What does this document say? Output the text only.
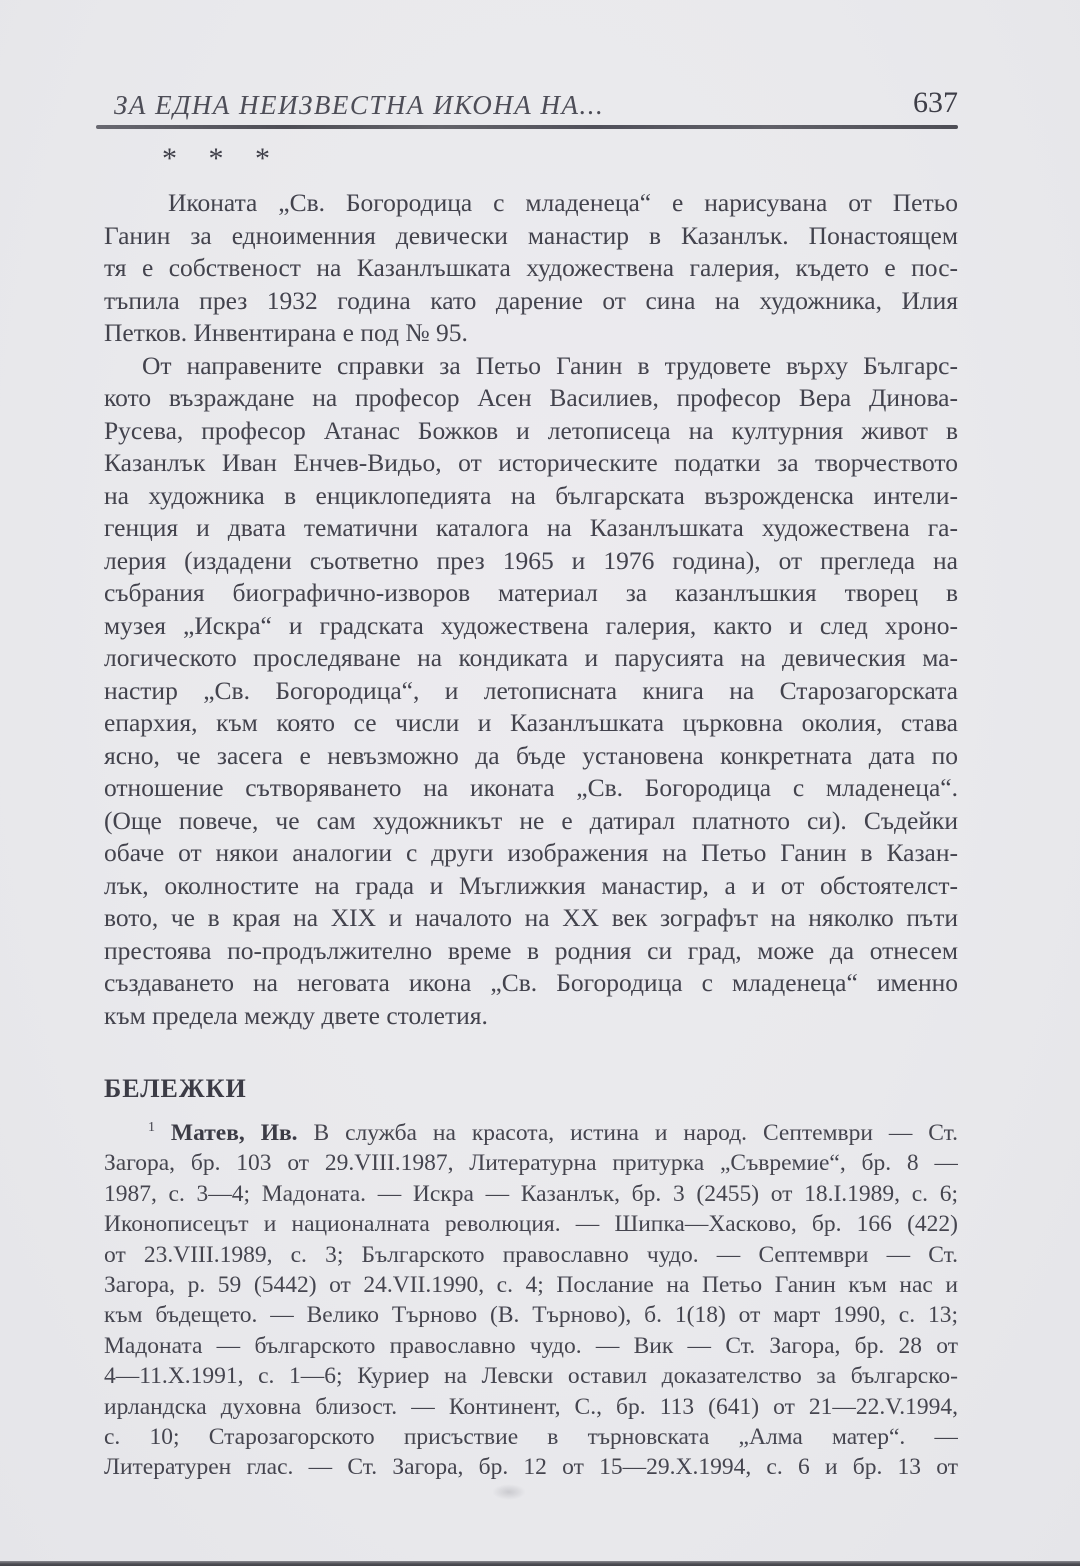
ЗА ЕДНА НЕИЗВЕСТНА ИКОНА НА...	637
* * *
Иконата „Св. Богородица с младенеца“ е нарисувана от Петьо
Ганин за едноименния девически манастир в Казанлък. Понастоящем
тя е собственост на Казанлъшката художествена галерия, където е пос-
тъпила през 1932 година като дарение от сина на художника, Илия
Петков. Инвентирана е под № 95.
От направените справки за Петьо Ганин в трудовете върху Българс-
кото възраждане на професор Асен Василиев, професор Вера Динова-
Русева, професор Атанас Божков и летописеца на културния живот в
Казанлък Иван Енчев-Видьо, от историческите податки за творчеството
на художника в енциклопедията на българската възрожденска интели-
генция и двата тематични каталога на Казанлъшката художествена га-
лерия (издадени съответно през 1965 и 1976 година), от прегледа на
събрания биографично-изворов материал за казанлъшкия творец в
музея „Искра“ и градската художествена галерия, както и след хроно-
логическото проследяване на кондиката и парусията на девическия ма-
настир „Св. Богородица“, и летописната книга на Старозагорската
епархия, към която се числи и Казанлъшката църковна околия, става
ясно, че засега е невъзможно да бъде установена конкретната дата по
отношение сътворяването на иконата „Св. Богородица с младенеца“.
(Още повече, че сам художникът не е датирал платното си). Съдейки
обаче от някои аналогии с други изображения на Петьо Ганин в Казан-
лък, околностите на града и Мъглижкия манастир, а и от обстоятелст-
вото, че в края на XIX и началото на XX век зографът на няколко пъти
престоява по-продължително време в родния си град, може да отнесем
създаването на неговата икона „Св. Богородица с младенеца“ именно
към предела между двете столетия.
БЕЛЕЖКИ
$^1$ Матев, Ив. В служба на красота, истина и народ. Септември — Ст.
Загора, бр. 103 от 29.VIII.1987, Литературна притурка „Съвремие“, бр. 8 —
1987, с. 3—4; Мадоната. — Искра — Казанлък, бр. 3 (2455) от 18.I.1989, с. 6;
Иконописецът и националната революция. — Шипка—Хасково, бр. 166 (422)
от 23.VIII.1989, с. 3; Българското православно чудо. — Септември — Ст.
Загора, р. 59 (5442) от 24.VII.1990, с. 4; Послание на Петьо Ганин към нас и
към бъдещето. — Велико Търново (В. Търново), б. 1(18) от март 1990, с. 13;
Мадоната — българското православно чудо. — Вик — Ст. Загора, бр. 28 от
4—11.X.1991, с. 1—6; Куриер на Левски оставил доказателство за българско-
ирландска духовна близост. — Континент, С., бр. 113 (641) от 21—22.V.1994,
с. 10; Старозагорското присъствие в търновската „Алма матер“. —
Литературен глас. — Ст. Загора, бр. 12 от 15—29.X.1994, с. 6 и бр. 13 от
